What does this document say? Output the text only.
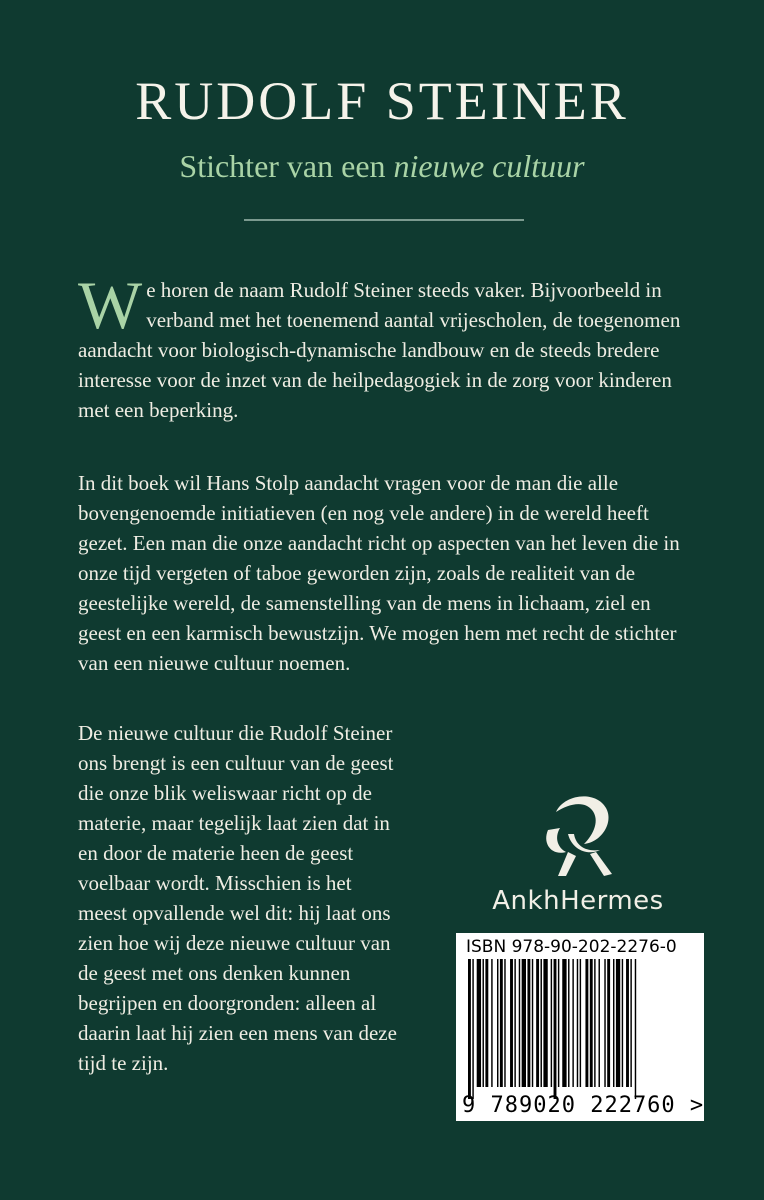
RUDOLF STEINER
Stichter van een nieuwe cultuur

We horen de naam Rudolf Steiner steeds vaker. Bijvoorbeeld in verband met het toenemend aantal vrijescholen, de toegenomen aandacht voor biologisch-dynamische landbouw en de steeds bredere interesse voor de inzet van de heilpedagogiek in de zorg voor kinderen met een beperking.

In dit boek wil Hans Stolp aandacht vragen voor de man die alle bovengenoemde initiatieven (en nog vele andere) in de wereld heeft gezet. Een man die onze aandacht richt op aspecten van het leven die in onze tijd vergeten of taboe geworden zijn, zoals de realiteit van de geestelijke wereld, de samenstelling van de mens in lichaam, ziel en geest en een karmisch bewustzijn. We mogen hem met recht de stichter van een nieuwe cultuur noemen.

De nieuwe cultuur die Rudolf Steiner ons brengt is een cultuur van de geest die onze blik weliswaar richt op de materie, maar tegelijk laat zien dat in en door de materie heen de geest voelbaar wordt. Misschien is het meest opvallende wel dit: hij laat ons zien hoe wij deze nieuwe cultuur van de geest met ons denken kunnen begrijpen en doorgronden: alleen al daarin laat hij zien een mens van deze tijd te zijn.

AnkhHermes
ISBN 978-90-202-2276-0
9 789020 222760 >
